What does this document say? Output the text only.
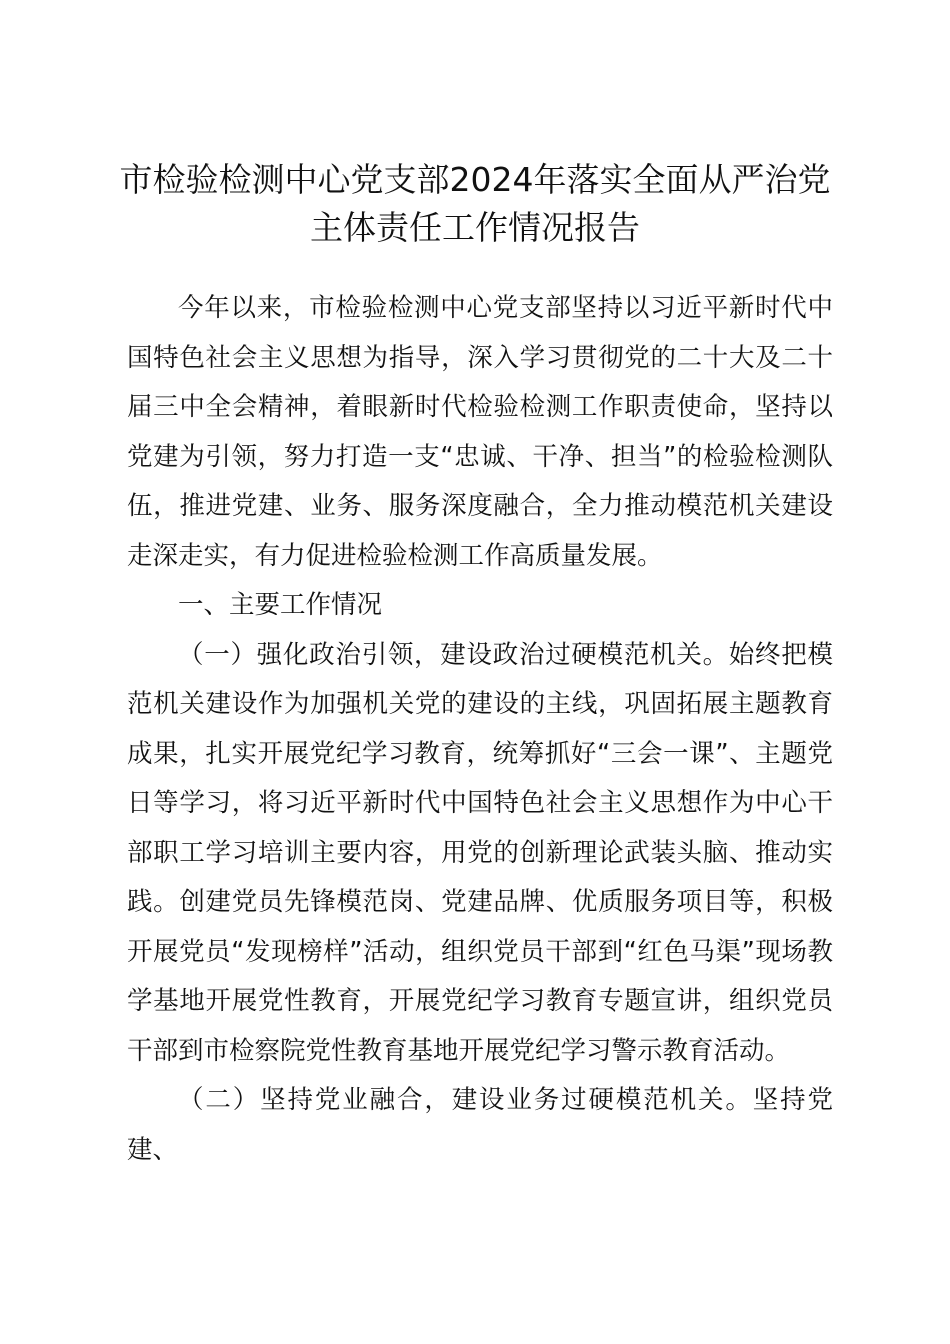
市检验检测中心党支部2024年落实全面从严治党主体责任工作情况报告

今年以来，市检验检测中心党支部坚持以习近平新时代中国特色社会主义思想为指导，深入学习贯彻党的二十大及二十届三中全会精神，着眼新时代检验检测工作职责使命，坚持以党建为引领，努力打造一支“忠诚、干净、担当”的检验检测队伍，推进党建、业务、服务深度融合，全力推动模范机关建设走深走实，有力促进检验检测工作高质量发展。

一、主要工作情况

（一）强化政治引领，建设政治过硬模范机关。始终把模范机关建设作为加强机关党的建设的主线，巩固拓展主题教育成果，扎实开展党纪学习教育，统筹抓好“三会一课”、主题党日等学习，将习近平新时代中国特色社会主义思想作为中心干部职工学习培训主要内容，用党的创新理论武装头脑、推动实践。创建党员先锋模范岗、党建品牌、优质服务项目等，积极开展党员“发现榜样”活动，组织党员干部到“红色马渠”现场教学基地开展党性教育，开展党纪学习教育专题宣讲，组织党员干部到市检察院党性教育基地开展党纪学习警示教育活动。

（二）坚持党业融合，建设业务过硬模范机关。坚持党建、
